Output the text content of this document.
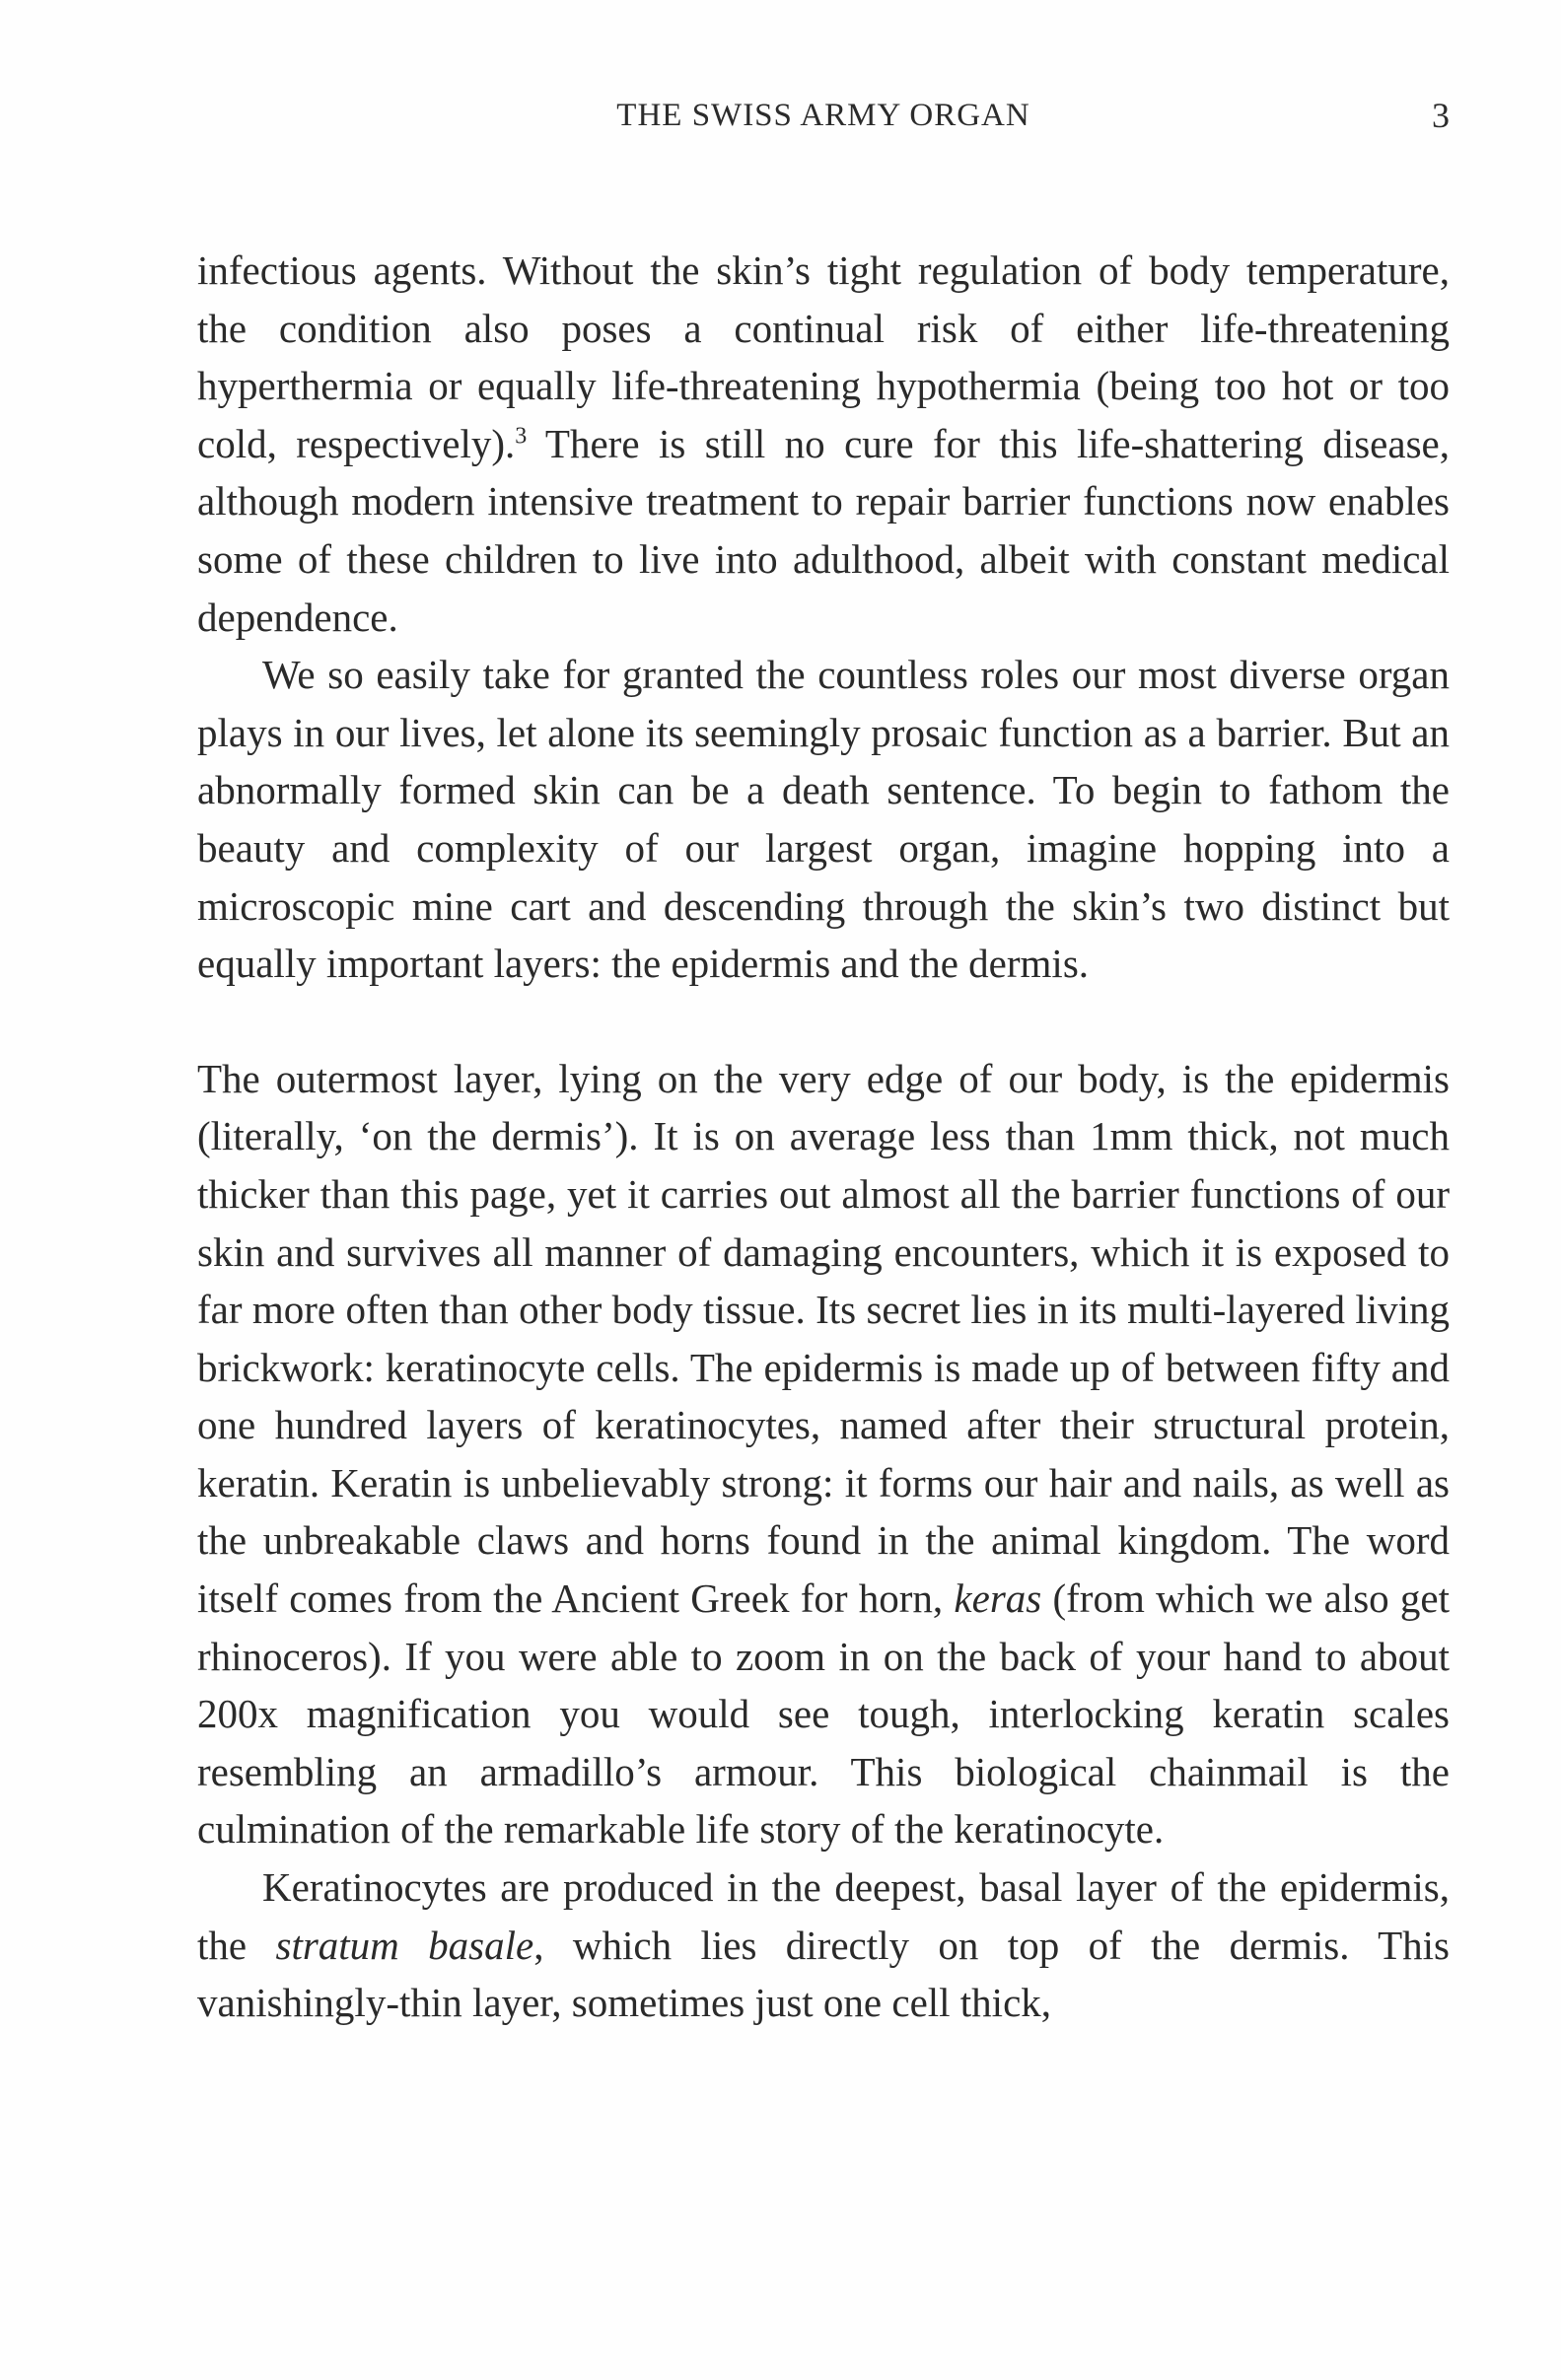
THE SWISS ARMY ORGAN	3

infectious agents. Without the skin’s tight regulation of body temperature, the condition also poses a continual risk of either life-threatening hyperthermia or equally life-threatening hypothermia (being too hot or too cold, respectively).$^3$ There is still no cure for this life-shattering disease, although modern intensive treatment to repair barrier functions now enables some of these children to live into adulthood, albeit with constant medical dependence.

We so easily take for granted the countless roles our most diverse organ plays in our lives, let alone its seemingly prosaic function as a barrier. But an abnormally formed skin can be a death sentence. To begin to fathom the beauty and complexity of our largest organ, imagine hopping into a microscopic mine cart and descending through the skin’s two distinct but equally important layers: the epidermis and the dermis.

The outermost layer, lying on the very edge of our body, is the epidermis (literally, ‘on the dermis’). It is on average less than 1mm thick, not much thicker than this page, yet it carries out almost all the barrier functions of our skin and survives all manner of damaging encounters, which it is exposed to far more often than other body tissue. Its secret lies in its multi-layered living brickwork: keratinocyte cells. The epidermis is made up of between fifty and one hundred layers of keratinocytes, named after their structural protein, keratin. Keratin is unbelievably strong: it forms our hair and nails, as well as the unbreakable claws and horns found in the animal kingdom. The word itself comes from the Ancient Greek for horn, keras (from which we also get rhinoceros). If you were able to zoom in on the back of your hand to about 200x magnification you would see tough, interlocking keratin scales resembling an armadillo’s armour. This biological chainmail is the culmination of the remarkable life story of the keratinocyte.

Keratinocytes are produced in the deepest, basal layer of the epidermis, the stratum basale, which lies directly on top of the dermis. This vanishingly-thin layer, sometimes just one cell thick,
